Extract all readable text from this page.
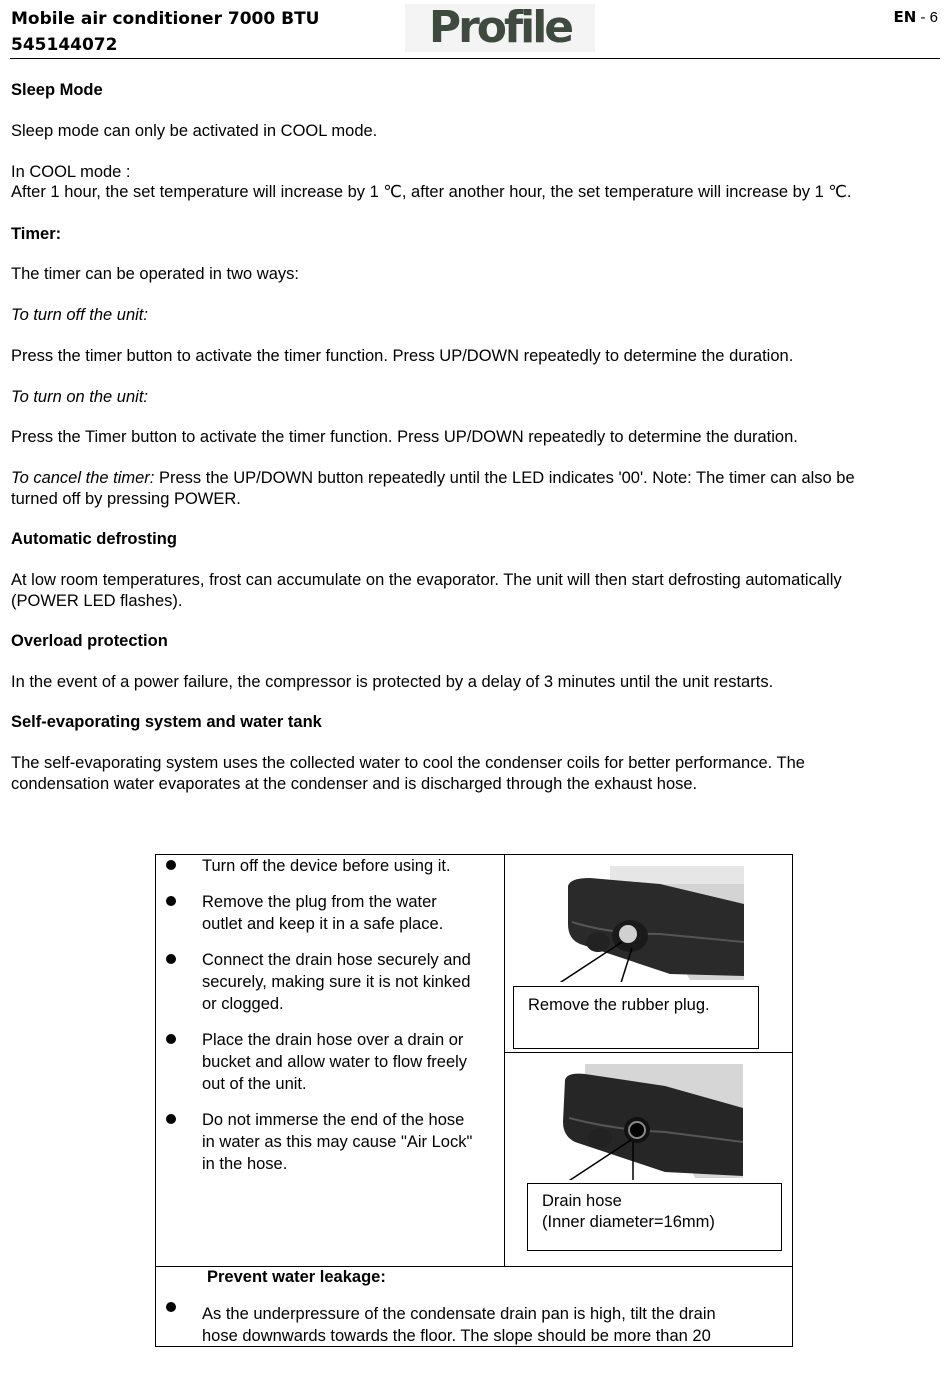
Mobile air conditioner 7000 BTU
545144072	Profile	EN - 6
Sleep Mode
Sleep mode can only be activated in COOL mode.
In COOL mode :
After 1 hour, the set temperature will increase by 1 ℃, after another hour, the set temperature will increase by 1 ℃.
Timer:
The timer can be operated in two ways:
To turn off the unit:
Press the timer button to activate the timer function. Press UP/DOWN repeatedly to determine the duration.
To turn on the unit:
Press the Timer button to activate the timer function. Press UP/DOWN repeatedly to determine the duration.
To cancel the timer: Press the UP/DOWN button repeatedly until the LED indicates '00'. Note: The timer can also be
turned off by pressing POWER.
Automatic defrosting
At low room temperatures, frost can accumulate on the evaporator. The unit will then start defrosting automatically
(POWER LED flashes).
Overload protection
In the event of a power failure, the compressor is protected by a delay of 3 minutes until the unit restarts.
Self-evaporating system and water tank
The self-evaporating system uses the collected water to cool the condenser coils for better performance. The
condensation water evaporates at the condenser and is discharged through the exhaust hose.
Turn off the device before using it.
Remove the plug from the water
outlet and keep it in a safe place.
Connect the drain hose securely and
securely, making sure it is not kinked
or clogged.
Place the drain hose over a drain or
bucket and allow water to flow freely
out of the unit.
Do not immerse the end of the hose
in water as this may cause "Air Lock"
in the hose.
Remove the rubber plug.
Drain hose
(Inner diameter=16mm)
Prevent water leakage:
As the underpressure of the condensate drain pan is high, tilt the drain
hose downwards towards the floor. The slope should be more than 20
